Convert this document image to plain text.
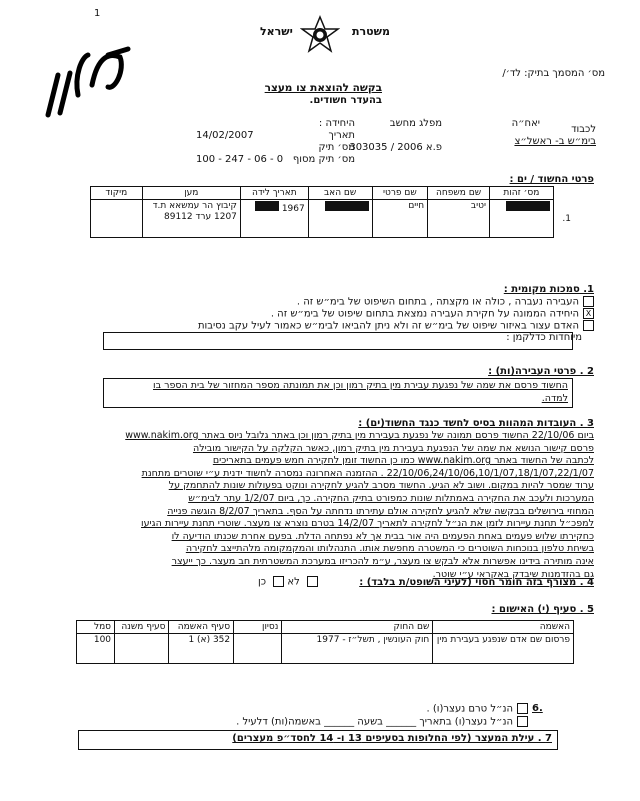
1
משטרת
ישראל
מס׳ המסמך בתיק: לד׳/
בקשה להוצאת צו מעצר
בהעדר חשודים.
לכבוד
בימ״ש ב- ראשל״צ
היחידה :	מפלג מחשב	יאח״ה
תאריך
14/02/2007
מס׳ תיק
פ.א 2006 / 303035
מס׳ תיק מסוף
100 - 247 - 06 - 0
פרטי החשוד / ים :
	מס׳ זהות	שם משפחה	שם פרטי	שם האב	תאריך לידה	מען	מיקוד
1.		יטיב	חיים		1967	קיבוץ הר עמשאא ת.ד 1207 ערד 89112	
1. סמכות מקומית :
העבירה נעברה , כולה או מקצתה , בתחום השיפוט של בימ״ש זה .
Xהיחידה הממונה על חקירת העבירה נמצאת בתחום שיפוט של בימ״ש זה .
האדם עצור באיזור שיפוט של בימ״ש זה ולא ניתן להביאו לבימ״ש כאמור לעיל עקב נסיבות
מיוחדות כדלקמן :
2 . פרטי העבירה(ות) :
החשוד פרסם את שמה של נפגעת עבירת מין בתיק רמון וכן את תמונתה מספר המחזור של בית הספר בו
למדה.
3 . העובדות המהוות בסיס לחשד כנגד החשוד(ים) :

ביום 22/10/06 החשוד פרסם תמונה של נפגעת בעבירת מין בתיק רמון וכן באתר גלובל ניוס באתר www.nakim.org

פרסם קישור הנושא את שמה של הנפגעת בעבירת מין בתיק רמון, כאשר הקלקה על הקישור מובילה

לכתבה של החשוד באתר www.nakim.org כמו כן החשוד זומן לחקירה חמש פעמים בתאריכים

22/10/06,24/10/06,10/1/07,18/1/07,22/1/07 . ההזמנה האחרונה נמסרה לחשוד ידנית ע״י שוטרים מתחנת

ערוד שמסר להיות במקום. ושוב לא הגיע. החשוד מסרב להגיע לחקירה ונוקט בפעולות שונות להתחמק על

המערכות ולעכב את החקירה באמתלות שונות כמפורט בתיק החקירה. כך, ביום 1/2/07 עתר לבימ״ש

המחוזי בירושלים בבקשה שלא להגיע לחקירה אולם עתירתו נדחתה על הסף. בתאריך 8/2/07 הוגשה פנייה

למפכ״ל תחנת עיירות לזמן את הנ״ל לחקירה לתאריך 14/2/07 בטרם נוצרא צו מעצר. שוטרי תחנת עיירות הגיעו

כחקירתו שלוש פעמים באחת הפעמים היה אור בבית אך לא נפתחה הדלת. בפעם אחרת שכנתו הודיעה לו

בשיחת טלפון בנוכחות השוטרים כי המשטרה מחפשת אותו. התנהלותו והמקמקומה מלהתייצב לחקירה

אינה מותירה בידינו אפשרות אלא לבקש צו מעצר, ע״מ להכריזו במערכת המשטרתית חב מעצר. כך ייעצר

גם בהזדמנות שיבדק באקראי ע״י שוטר.

4 . מצורף בזה חומר חסוי (לעיני השופט/ת בלבד) :
לא  כן
5 . סעיף (י) האישום :
האשמה	שם החוק	נסיון	סעיף האשמה	סעיף משנה	סמל
פרסום שם אדם שנפגע בעבירת מין	חוק העונשין , תשל״ז - 1977		352 (א) 1		100
6.
הנ״ל טרם נעצר(ו) .
הנ״ל נעצר(ו) בתאריך ______ בשעה ______ באשמה(ות) דלעיל .
7 . עילת המעצר (לפי החלופות בסעיפים 13 ו- 14 לחסד״פ מעצרים)
